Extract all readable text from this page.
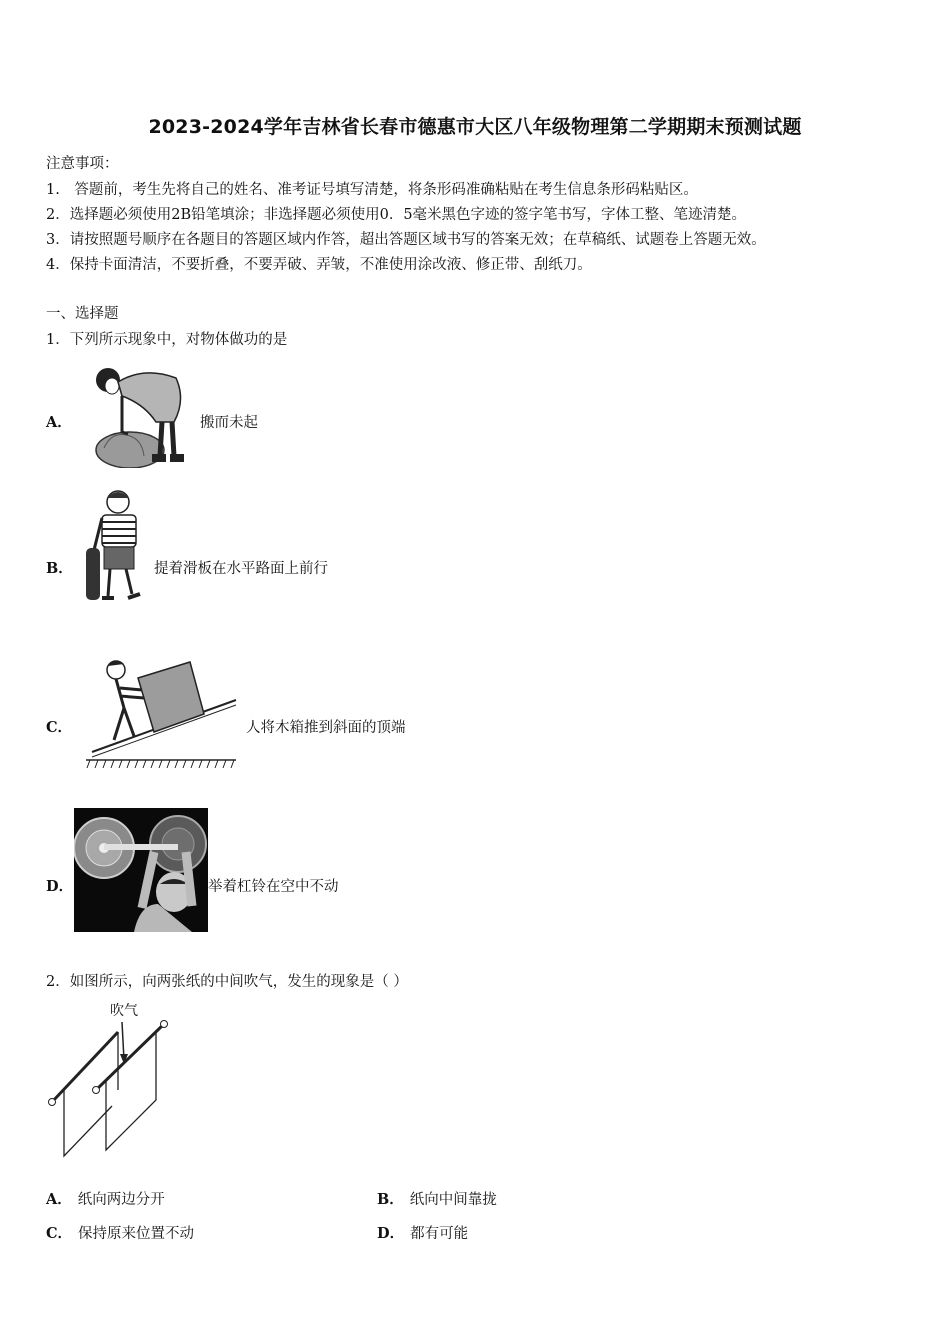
2023-2024学年吉林省长春市德惠市大区八年级物理第二学期期末预测试题
注意事项：
1.　答题前，考生先将自己的姓名、准考证号填写清楚，将条形码准确粘贴在考生信息条形码粘贴区。
2．选择题必须使用2B铅笔填涂；非选择题必须使用0．5毫米黑色字迹的签字笔书写，字体工整、笔迹清楚。
3．请按照题号顺序在各题目的答题区域内作答，超出答题区域书写的答案无效；在草稿纸、试题卷上答题无效。
4．保持卡面清洁，不要折叠，不要弄破、弄皱，不准使用涂改液、修正带、刮纸刀。
一、选择题
1．下列所示现象中，对物体做功的是
A．	搬而未起
B．	提着滑板在水平路面上前行
C．	人将木箱推到斜面的顶端
D．	举着杠铃在空中不动
2．如图所示，向两张纸的中间吹气，发生的现象是（ ）
吹气
A． 纸向两边分开	B． 纸向中间靠拢
C． 保持原来位置不动	D． 都有可能
